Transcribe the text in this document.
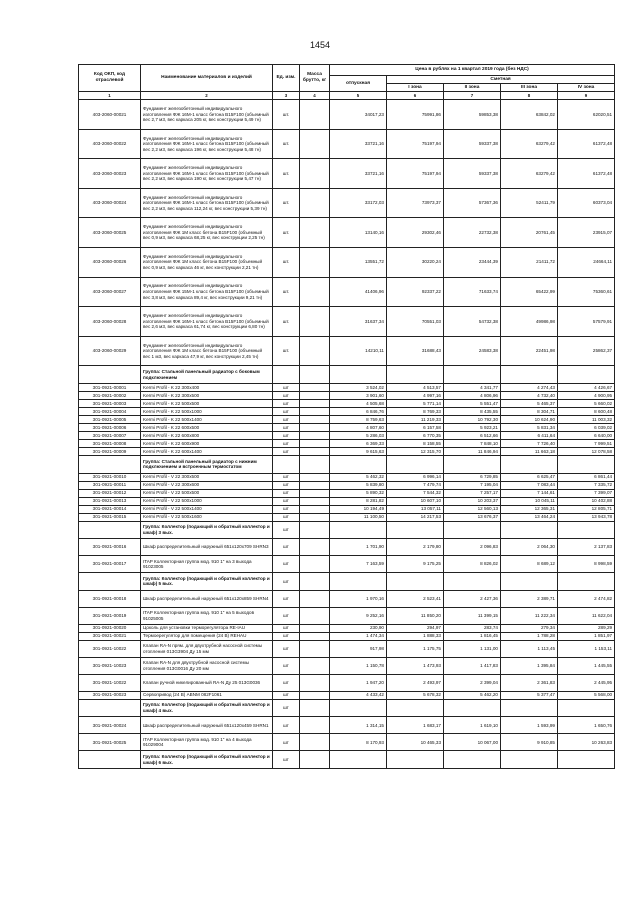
1454
Код ОКП, код отраслевой	Наименование материалов и изделий	Ед. изм.	Масса брутто, кг	Цена в рублях на 1 квартал 2019 года (без НДС)				
				отпускная	Сметная			
					I зона	II зона	III зона	IV зона
1	2	3	4	5	6	7	8	9
403-2060-00021	Фундамент железобетонный индивидуального изготовления ФЖ 16М-1 класс бетона В15F100 (объемный вес 2,7 м3, вес каркаса 205 кг, вес конструкции 5,49 тн)	шт.		34017,23	75991,86	59853,38	63842,02	62020,51
403-2060-00022	Фундамент железобетонный индивидуального изготовления ФЖ 16М-1 класс бетона В15F100 (объемный вес 2,2 м3, вес каркаса 196 кг, вес конструкции 5,48 тн)	шт.		33721,16	75197,94	59337,38	63279,42	61372,48
403-2060-00023	Фундамент железобетонный индивидуального изготовления ФЖ 16М-1 класс бетона В15F100 (объемный вес 2,2 м3, вес каркаса 190 кг, вес конструкции 5,47 тн)	шт.		33721,16	75197,94	59337,38	63279,42	61372,48
403-2060-00024	Фундамент железобетонный индивидуального изготовления ФЖ 16М-1 класс бетона В15F100 (объемный вес 2,2 м3, вес каркаса 112,24 кг, вес конструкции 5,39 тн)	шт.		33172,03	73973,37	57367,36	52411,79	60373,04
403-2060-00025	Фундамент железобетонный индивидуального изготовления ФЖ 1М класс бетона В15F100 (объемный вес 0,9 м3, вес каркаса 68,25 кг, вес конструкции 2,25 тн)	шт.		13140,16	29302,46	22732,38	20761,45	23915,07
403-2060-00026	Фундамент железобетонный индивидуального изготовления ФЖ 1М класс бетона В15F100 (объемный вес 0,9 м3, вес каркаса 46 кг, вес конструкции 2,21 тн)	шт.		13551,72	30220,24	23444,39	21411,72	24664,11
403-2060-00027	Фундамент железобетонный индивидуального изготовления ФЖ 15М-1 класс бетона В15F100 (объемный вес 3,8 м3, вес каркаса 89,4 кг, вес конструкции 9,21 тн)	шт.		41406,96	92337,22	71633,74	65422,99	75360,61
403-2060-00028	Фундамент железобетонный индивидуального изготовления ФЖ 16М-1 класс бетона В15F100 (объемный вес 2,6 м3, вес каркаса 61,74 кг, вес конструкции 6,80 тн)	шт.		31637,34	70551,03	54732,38	49986,98	57579,91
403-2060-00029	Фундамент железобетонный индивидуального изготовления ФЖ 1М класс бетона В15F100 (объемный вес 1 м3, вес каркаса 47,9 кг, вес конструкции 2,45 тн)	шт.		14210,11	31688,43	24583,38	22451,98	25862,37
	Группа: Стальной панельный радиатор с боковым подключением							
301-0921-00001	Kermi Profil - K 22 300x400	шт		3 524,02	4 513,57	4 341,77	4 274,43	4 426,67
301-0921-00002	Kermi Profil - K 22 300x500	шт		3 901,60	4 997,16	4 806,96	4 732,40	4 900,95
301-0921-00003	Kermi Profil - K 22 500x500	шт		4 505,68	5 771,14	5 551,47	5 465,37	5 660,02
301-0921-00004	Kermi Profil - K 22 500x1000	шт		6 846,76	8 769,33	8 435,55	8 304,71	8 600,48
301-0921-00005	Kermi Profil - K 22 500x1400	шт		8 759,63	11 219,33	10 792,30	10 624,90	11 003,32
301-0921-00006	Kermi Profil - K 22 600x500	шт		4 807,60	6 157,58	5 923,21	5 831,34	6 039,02
301-0921-00007	Kermi Profil - K 22 600x800	шт		5 286,03	6 770,35	6 512,66	6 411,64	6 640,00
301-0921-00008	Kermi Profil - K 22 600x900	шт		6 369,33	8 158,55	7 848,10	7 726,40	7 999,51
301-0921-00009	Kermi Profil - K 22 600x1400	шт		9 615,63	12 315,70	11 846,94	11 663,18	12 078,58
	Группа: Стальной панельный радиатор с нижним подключением и встроенным термостатом							
301-0921-00010	Kermi Profil - V 22 300x500	шт		5 462,32	6 996,14	6 729,85	6 625,47	6 861,44
301-0921-00011	Kermi Profil - V 22 300x600	шт		5 839,80	7 479,74	7 195,04	7 083,44	7 335,72
301-0921-00012	Kermi Profil - V 22 500x500	шт		5 890,32	7 544,32	7 257,17	7 144,61	7 399,07
301-0921-00013	Kermi Profil - V 22 500x1000	шт		8 281,82	10 607,10	10 203,37	10 045,11	10 402,88
301-0921-00014	Kermi Profil - V 22 500x1400	шт		10 194,49	13 057,11	12 560,13	12 365,31	12 805,71
301-0921-00015	Kermi Profil - V 22 500x1600	шт		11 100,50	14 217,53	13 676,37	13 464,24	13 943,78
	Группа: Коллектор (подающий и обратный коллектор и шкаф) 3 вых.	шт						
301-0921-00016	Шкаф распределительный наружный 651x120x709 SHRN3	шт		1 701,90	2 179,80	2 096,83	2 064,30	2 137,83
301-0921-00017	ITAP Коллекторная группа мод. 910 1" на 3 выхода 91023005	шт		7 163,59	9 175,25	8 826,02	8 689,12	8 998,59
	Группа: Коллектор (подающий и обратный коллектор и шкаф) 5 вых.	шт						
301-0921-00018	Шкаф распределительный наружный 651x120x859 SHRN4	шт		1 970,16	2 523,41	2 427,36	2 389,71	2 474,82
301-0921-00019	ITAP Коллекторная группа мод. 910 1" на 5 выходов 91025005	шт		9 252,16	11 850,20	11 399,15	11 222,34	11 622,04
301-0921-00020	Цоколь для установки терморегулятора RE-IAU	шт		230,90	294,97	283,74	279,34	289,29
301-0921-00021	Термоерегулятор для помещения (24 В) REHAU	шт		1 474,34	1 888,33	1 816,45	1 788,28	1 851,97
301-0921-10022	Клапан RA-N прям. для двухтрубной насосной системы отопления 013G3904 Ду 15 мм	шт		917,98	1 175,75	1 131,00	1 113,45	1 153,11
301-0921-10023	Клапан RA-N для двухтрубной насосной системы отопления 013G0016 Ду 20 мм	шт		1 150,78	1 473,93	1 417,83	1 395,84	1 445,55
301-0921-10022	Клапан ручной никелированный RA-N Ду 25 013G0036	шт		1 947,20	2 493,97	2 399,04	2 361,83	2 445,95
301-0921-00023	Сервопривод (24 В) ABNM 082F1061	шт		4 433,42	5 678,32	5 462,20	5 377,47	5 568,00
	Группа: Коллектор (подающий и обратный коллектор и шкаф) 4 вых.	шт						
301-0921-00024	Шкаф распределительный наружный 651x120x459 SHRN1	шт		1 314,15	1 683,17	1 619,10	1 593,99	1 650,76
301-0921-00025	ITAP Коллекторная группа мод. 910 1" на 4 выхода 91029004	шт		8 170,93	10 465,33	10 067,00	9 910,85	10 263,83
	Группа: Коллектор (подающий и обратный коллектор и шкаф) 6 вых.	шт						
